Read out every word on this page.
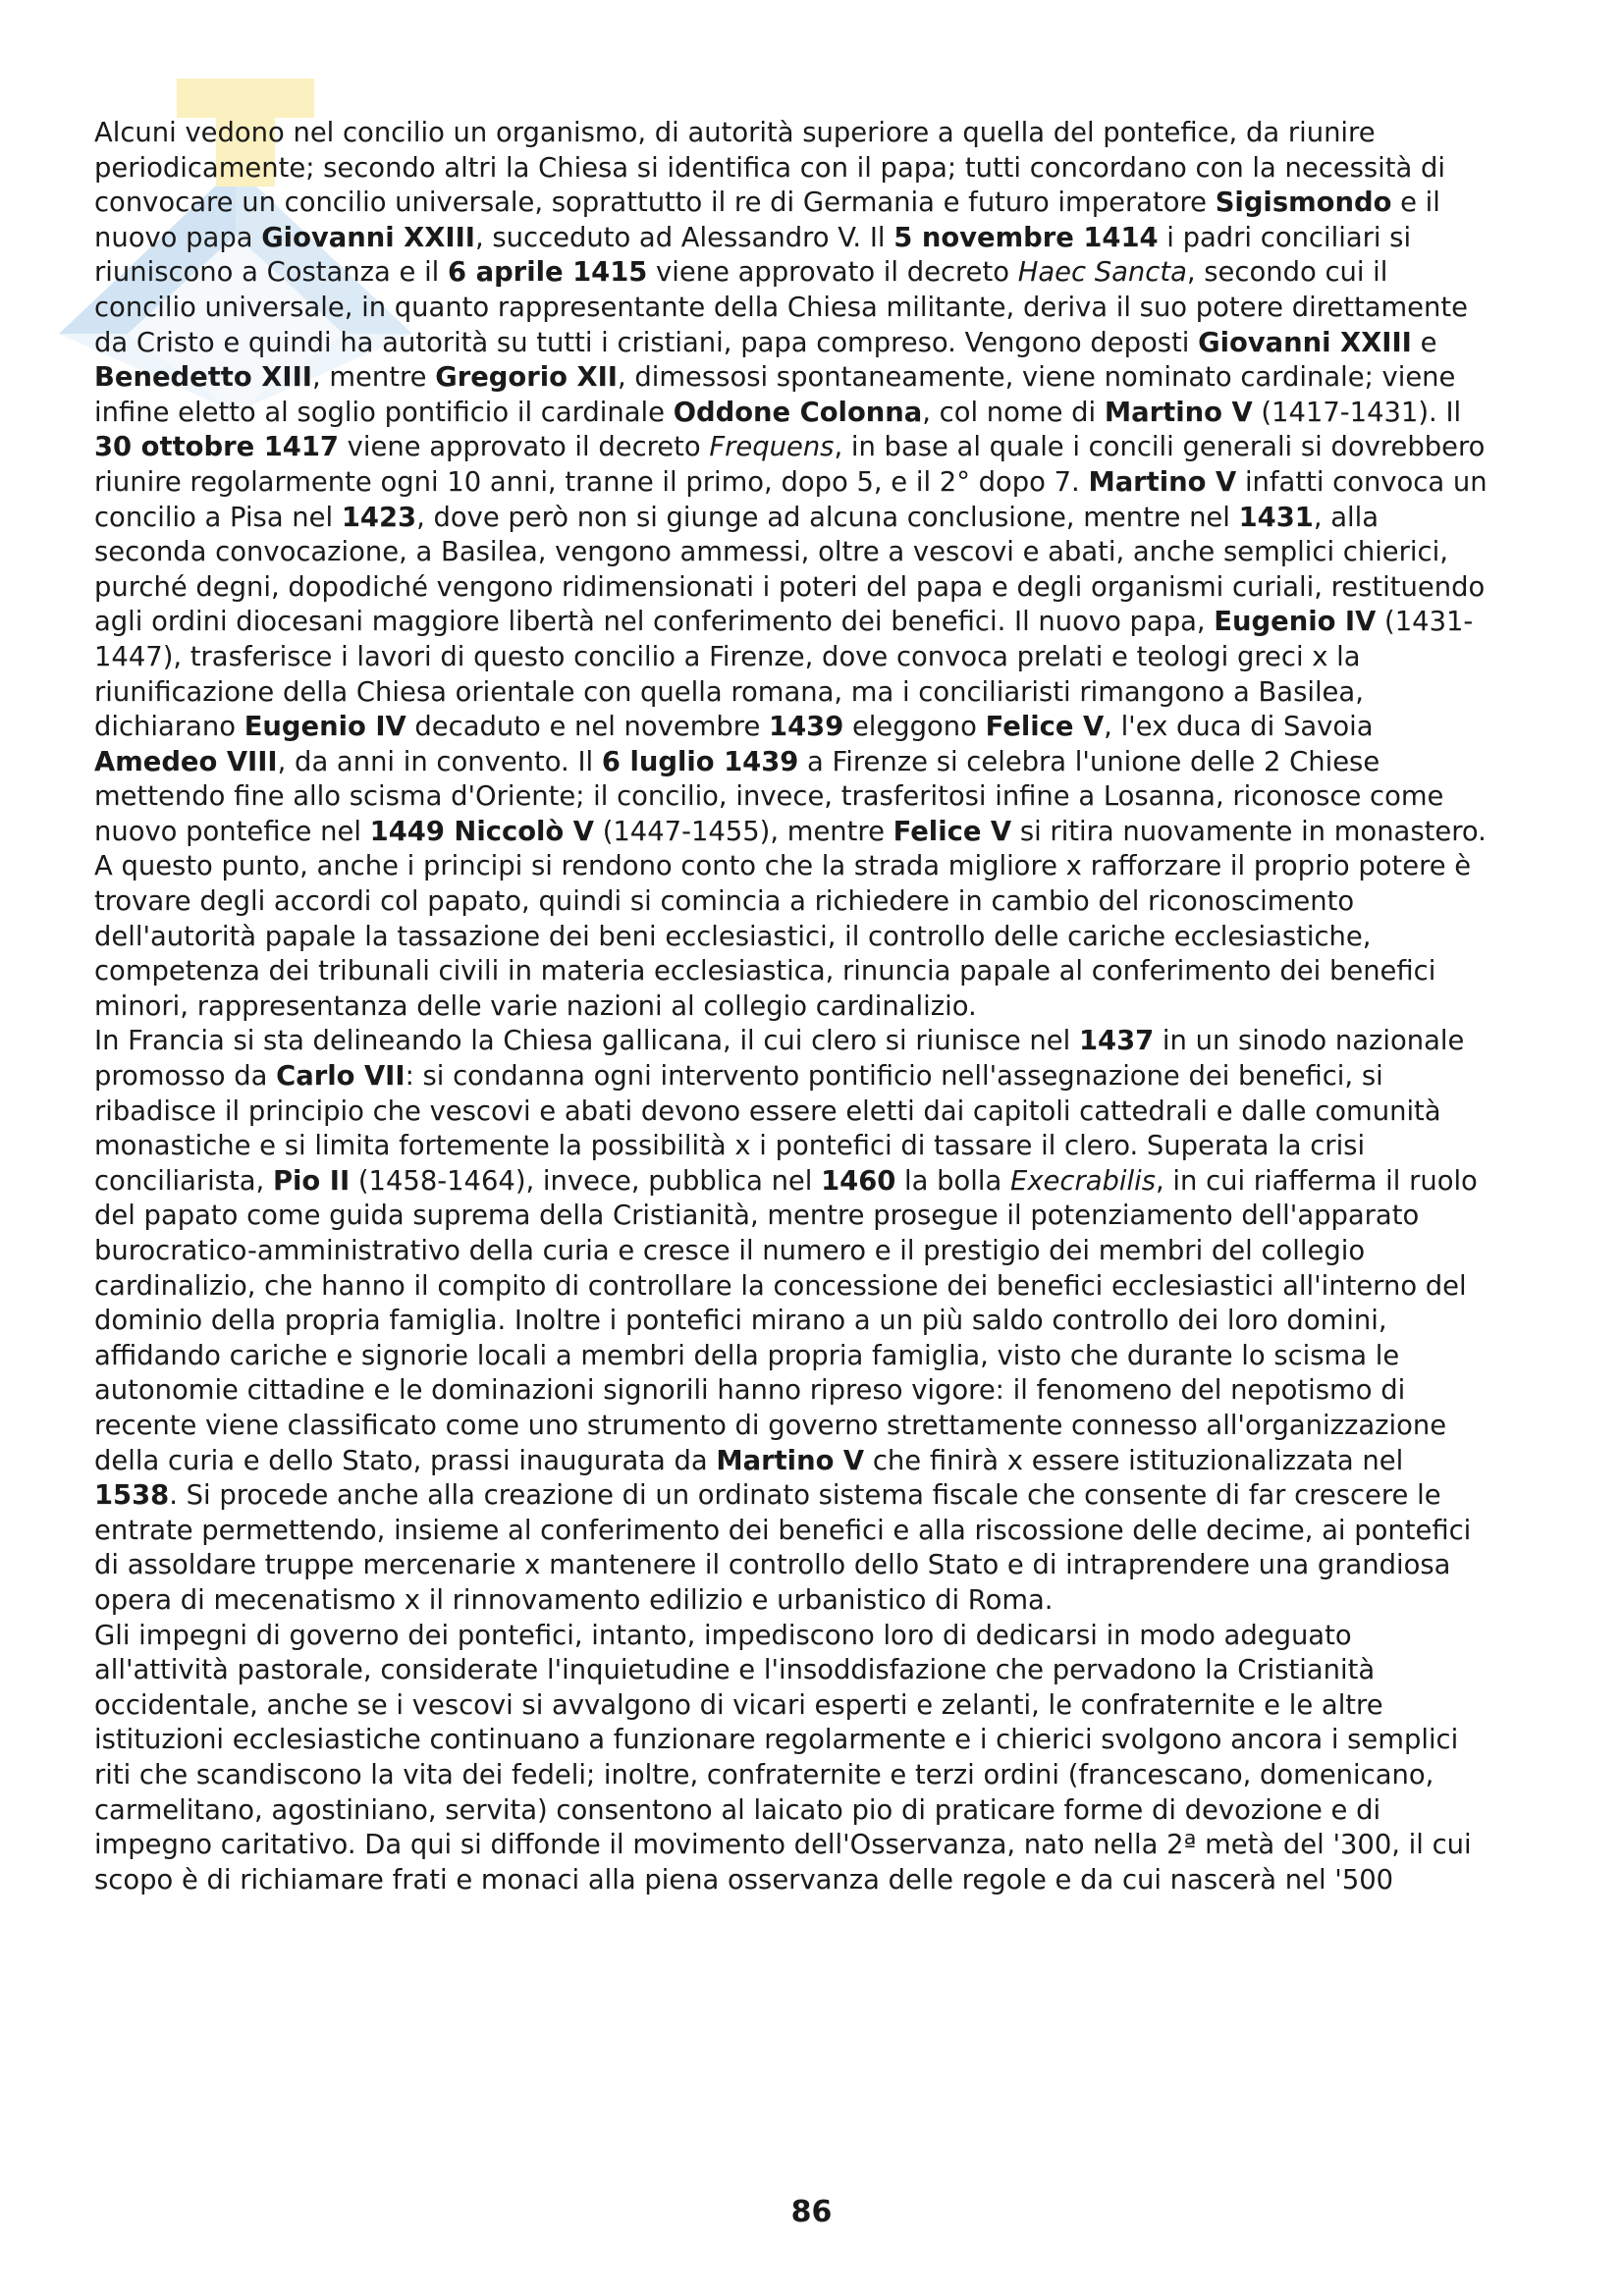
Alcuni vedono nel concilio un organismo, di autorità superiore a quella del pontefice, da riunire periodicamente; secondo altri la Chiesa si identifica con il papa; tutti concordano con la necessità di convocare un concilio universale, soprattutto il re di Germania e futuro imperatore Sigismondo e il nuovo papa Giovanni XXIII, succeduto ad Alessandro V. Il 5 novembre 1414 i padri conciliari si riuniscono a Costanza e il 6 aprile 1415 viene approvato il decreto Haec Sancta, secondo cui il concilio universale, in quanto rappresentante della Chiesa militante, deriva il suo potere direttamente da Cristo e quindi ha autorità su tutti i cristiani, papa compreso. Vengono deposti Giovanni XXIII e Benedetto XIII, mentre Gregorio XII, dimessosi spontaneamente, viene nominato cardinale; viene infine eletto al soglio pontificio il cardinale Oddone Colonna, col nome di Martino V (1417-1431). Il 30 ottobre 1417 viene approvato il decreto Frequens, in base al quale i concili generali si dovrebbero riunire regolarmente ogni 10 anni, tranne il primo, dopo 5, e il 2° dopo 7. Martino V infatti convoca un concilio a Pisa nel 1423, dove però non si giunge ad alcuna conclusione, mentre nel 1431, alla seconda convocazione, a Basilea, vengono ammessi, oltre a vescovi e abati, anche semplici chierici, purché degni, dopodiché vengono ridimensionati i poteri del papa e degli organismi curiali, restituendo agli ordini diocesani maggiore libertà nel conferimento dei benefici. Il nuovo papa, Eugenio IV (1431-1447), trasferisce i lavori di questo concilio a Firenze, dove convoca prelati e teologi greci x la riunificazione della Chiesa orientale con quella romana, ma i conciliaristi rimangono a Basilea, dichiarano Eugenio IV decaduto e nel novembre 1439 eleggono Felice V, l'ex duca di Savoia Amedeo VIII, da anni in convento. Il 6 luglio 1439 a Firenze si celebra l'unione delle 2 Chiese mettendo fine allo scisma d'Oriente; il concilio, invece, trasferitosi infine a Losanna, riconosce come nuovo pontefice nel 1449 Niccolò V (1447-1455), mentre Felice V si ritira nuovamente in monastero. A questo punto, anche i principi si rendono conto che la strada migliore x rafforzare il proprio potere è trovare degli accordi col papato, quindi si comincia a richiedere in cambio del riconoscimento dell'autorità papale la tassazione dei beni ecclesiastici, il controllo delle cariche ecclesiastiche, competenza dei tribunali civili in materia ecclesiastica, rinuncia papale al conferimento dei benefici minori, rappresentanza delle varie nazioni al collegio cardinalizio.

In Francia si sta delineando la Chiesa gallicana, il cui clero si riunisce nel 1437 in un sinodo nazionale promosso da Carlo VII: si condanna ogni intervento pontificio nell'assegnazione dei benefici, si ribadisce il principio che vescovi e abati devono essere eletti dai capitoli cattedrali e dalle comunità monastiche e si limita fortemente la possibilità x i pontefici di tassare il clero. Superata la crisi conciliarista, Pio II (1458-1464), invece, pubblica nel 1460 la bolla Execrabilis, in cui riafferma il ruolo del papato come guida suprema della Cristianità, mentre prosegue il potenziamento dell'apparato burocratico-amministrativo della curia e cresce il numero e il prestigio dei membri del collegio cardinalizio, che hanno il compito di controllare la concessione dei benefici ecclesiastici all'interno del dominio della propria famiglia. Inoltre i pontefici mirano a un più saldo controllo dei loro domini, affidando cariche e signorie locali a membri della propria famiglia, visto che durante lo scisma le autonomie cittadine e le dominazioni signorili hanno ripreso vigore: il fenomeno del nepotismo di recente viene classificato come uno strumento di governo strettamente connesso all'organizzazione della curia e dello Stato, prassi inaugurata da Martino V che finirà x essere istituzionalizzata nel 1538. Si procede anche alla creazione di un ordinato sistema fiscale che consente di far crescere le entrate permettendo, insieme al conferimento dei benefici e alla riscossione delle decime, ai pontefici di assoldare truppe mercenarie x mantenere il controllo dello Stato e di intraprendere una grandiosa opera di mecenatismo x il rinnovamento edilizio e urbanistico di Roma.

Gli impegni di governo dei pontefici, intanto, impediscono loro di dedicarsi in modo adeguato all'attività pastorale, considerate l'inquietudine e l'insoddisfazione che pervadono la Cristianità occidentale, anche se i vescovi si avvalgono di vicari esperti e zelanti, le confraternite e le altre istituzioni ecclesiastiche continuano a funzionare regolarmente e i chierici svolgono ancora i semplici riti che scandiscono la vita dei fedeli; inoltre, confraternite e terzi ordini (francescano, domenicano, carmelitano, agostiniano, servita) consentono al laicato pio di praticare forme di devozione e di impegno caritativo. Da qui si diffonde il movimento dell'Osservanza, nato nella 2ª metà del '300, il cui scopo è di richiamare frati e monaci alla piena osservanza delle regole e da cui nascerà nel '500

86
